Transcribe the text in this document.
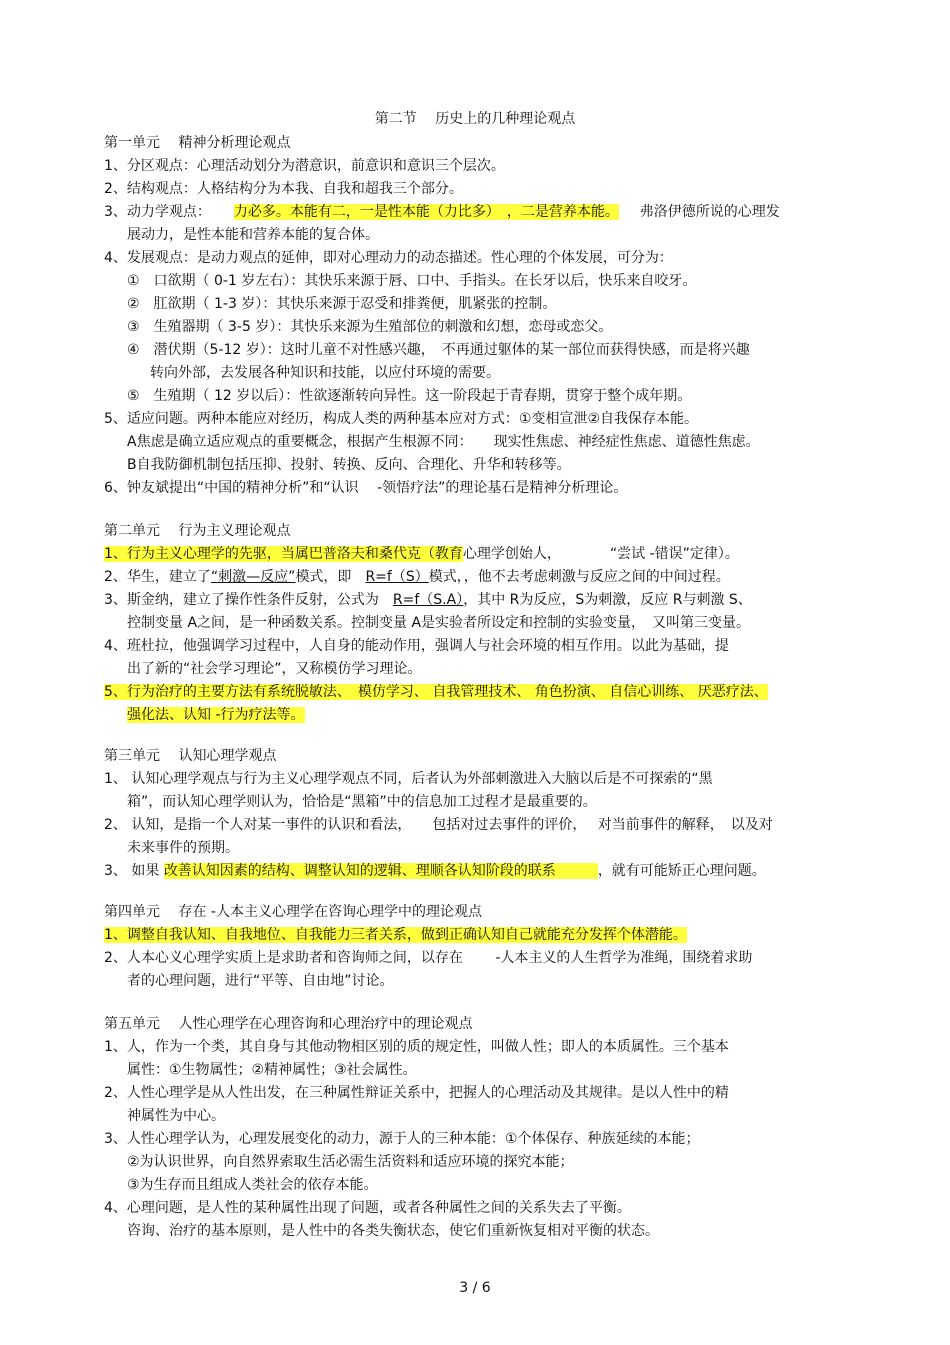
第二节　 历史上的几种理论观点
第一单元　 精神分析理论观点
1、分区观点：心理活动划分为潜意识，前意识和意识三个层次。
2、结构观点：人格结构分为本我、自我和超我三个部分。
3、动力学观点： 力必多。本能有二，一是性本能（力比多）　，二是营养本能。 弗洛伊德所说的心理发
展动力，是性本能和营养本能的复合体。
4、发展观点：是动力观点的延伸，即对心理动力的动态描述。性心理的个体发展，可分为：
①　口欲期（ 0-1 岁左右）：其快乐来源于唇、口中、手指头。在长牙以后，快乐来自咬牙。
②　肛欲期（ 1-3 岁）：其快乐来源于忍受和排粪便，肌紧张的控制。
③　生殖器期（ 3-5 岁）：其快乐来源为生殖部位的刺激和幻想，恋母或恋父。
④　潜伏期（5-12 岁）：这时儿童不对性感兴趣，　不再通过躯体的某一部位而获得快感，而是将兴趣
转向外部，去发展各种知识和技能，以应付环境的需要。
⑤　生殖期（ 12 岁以后）：性欲逐渐转向异性。这一阶段起于青春期，贯穿于整个成年期。
5、适应问题。两种本能应对经历，构成人类的两种基本应对方式：①变相宣泄②自我保存本能。
A焦虑是确立适应观点的重要概念，根据产生根源不同：　　现实性焦虑、神经症性焦虑、道德性焦虑。
B自我防御机制包括压抑、投射、转换、反向、合理化、升华和转移等。
6、钟友斌提出“中国的精神分析”和“认识　 -领悟疗法”的理论基石是精神分析理论。
第二单元　 行为主义理论观点
1、行为主义心理学的先驱，当属巴普洛夫和桑代克（教育心理学创始人，　　　　“尝试 -错误”定律）。
2、华生，建立了“刺激—反应”模式，即　R=f（S）模式，，他不去考虑刺激与反应之间的中间过程。
3、斯金纳，建立了操作性条件反射，公式为　R=f（S.A），其中 R为反应，S为刺激，反应 R与刺激 S、
控制变量 A之间，是一种函数关系。控制变量 A是实验者所设定和控制的实验变量，　又叫第三变量。
4、班杜拉，他强调学习过程中，人自身的能动作用，强调人与社会环境的相互作用。以此为基础，提
出了新的“社会学习理论”，又称模仿学习理论。
5、行为治疗的主要方法有系统脱敏法、　模仿学习、 自我管理技术、 角色扮演、 自信心训练、 厌恶疗法、
强化法、认知 -行为疗法等。
第三单元　 认知心理学观点
1、 认知心理学观点与行为主义心理学观点不同，后者认为外部刺激进入大脑以后是不可探索的“黑
箱”，而认知心理学则认为，恰恰是“黑箱”中的信息加工过程才是最重要的。
2、 认知，是指一个人对某一事件的认识和看法，　　包括对过去事件的评价，　 对当前事件的解释，　以及对
未来事件的预期。
3、 如果 改善认知因素的结构、调整认知的逻辑、理顺各认知阶段的联系　　　，就有可能矫正心理问题。
第四单元　 存在 -人本主义心理学在咨询心理学中的理论观点
1、调整自我认知、自我地位、自我能力三者关系，做到正确认知自己就能充分发挥个体潜能。
2、人本心义心理学实质上是求助者和咨询师之间，以存在　　 -人本主义的人生哲学为准绳，围绕着求助
者的心理问题，进行“平等、自由地”讨论。
第五单元　 人性心理学在心理咨询和心理治疗中的理论观点
1、人，作为一个类，其自身与其他动物相区别的质的规定性，叫做人性；即人的本质属性。三个基本
属性：①生物属性；②精神属性；③社会属性。
2、人性心理学是从人性出发，在三种属性辩证关系中，把握人的心理活动及其规律。是以人性中的精
神属性为中心。
3、人性心理学认为，心理发展变化的动力，源于人的三种本能：①个体保存、种族延续的本能；
②为认识世界，向自然界索取生活必需生活资料和适应环境的探究本能；
③为生存而且组成人类社会的依存本能。
4、心理问题，是人性的某种属性出现了问题，或者各种属性之间的关系失去了平衡。
咨询、治疗的基本原则，是人性中的各类失衡状态，使它们重新恢复相对平衡的状态。
3 / 6
